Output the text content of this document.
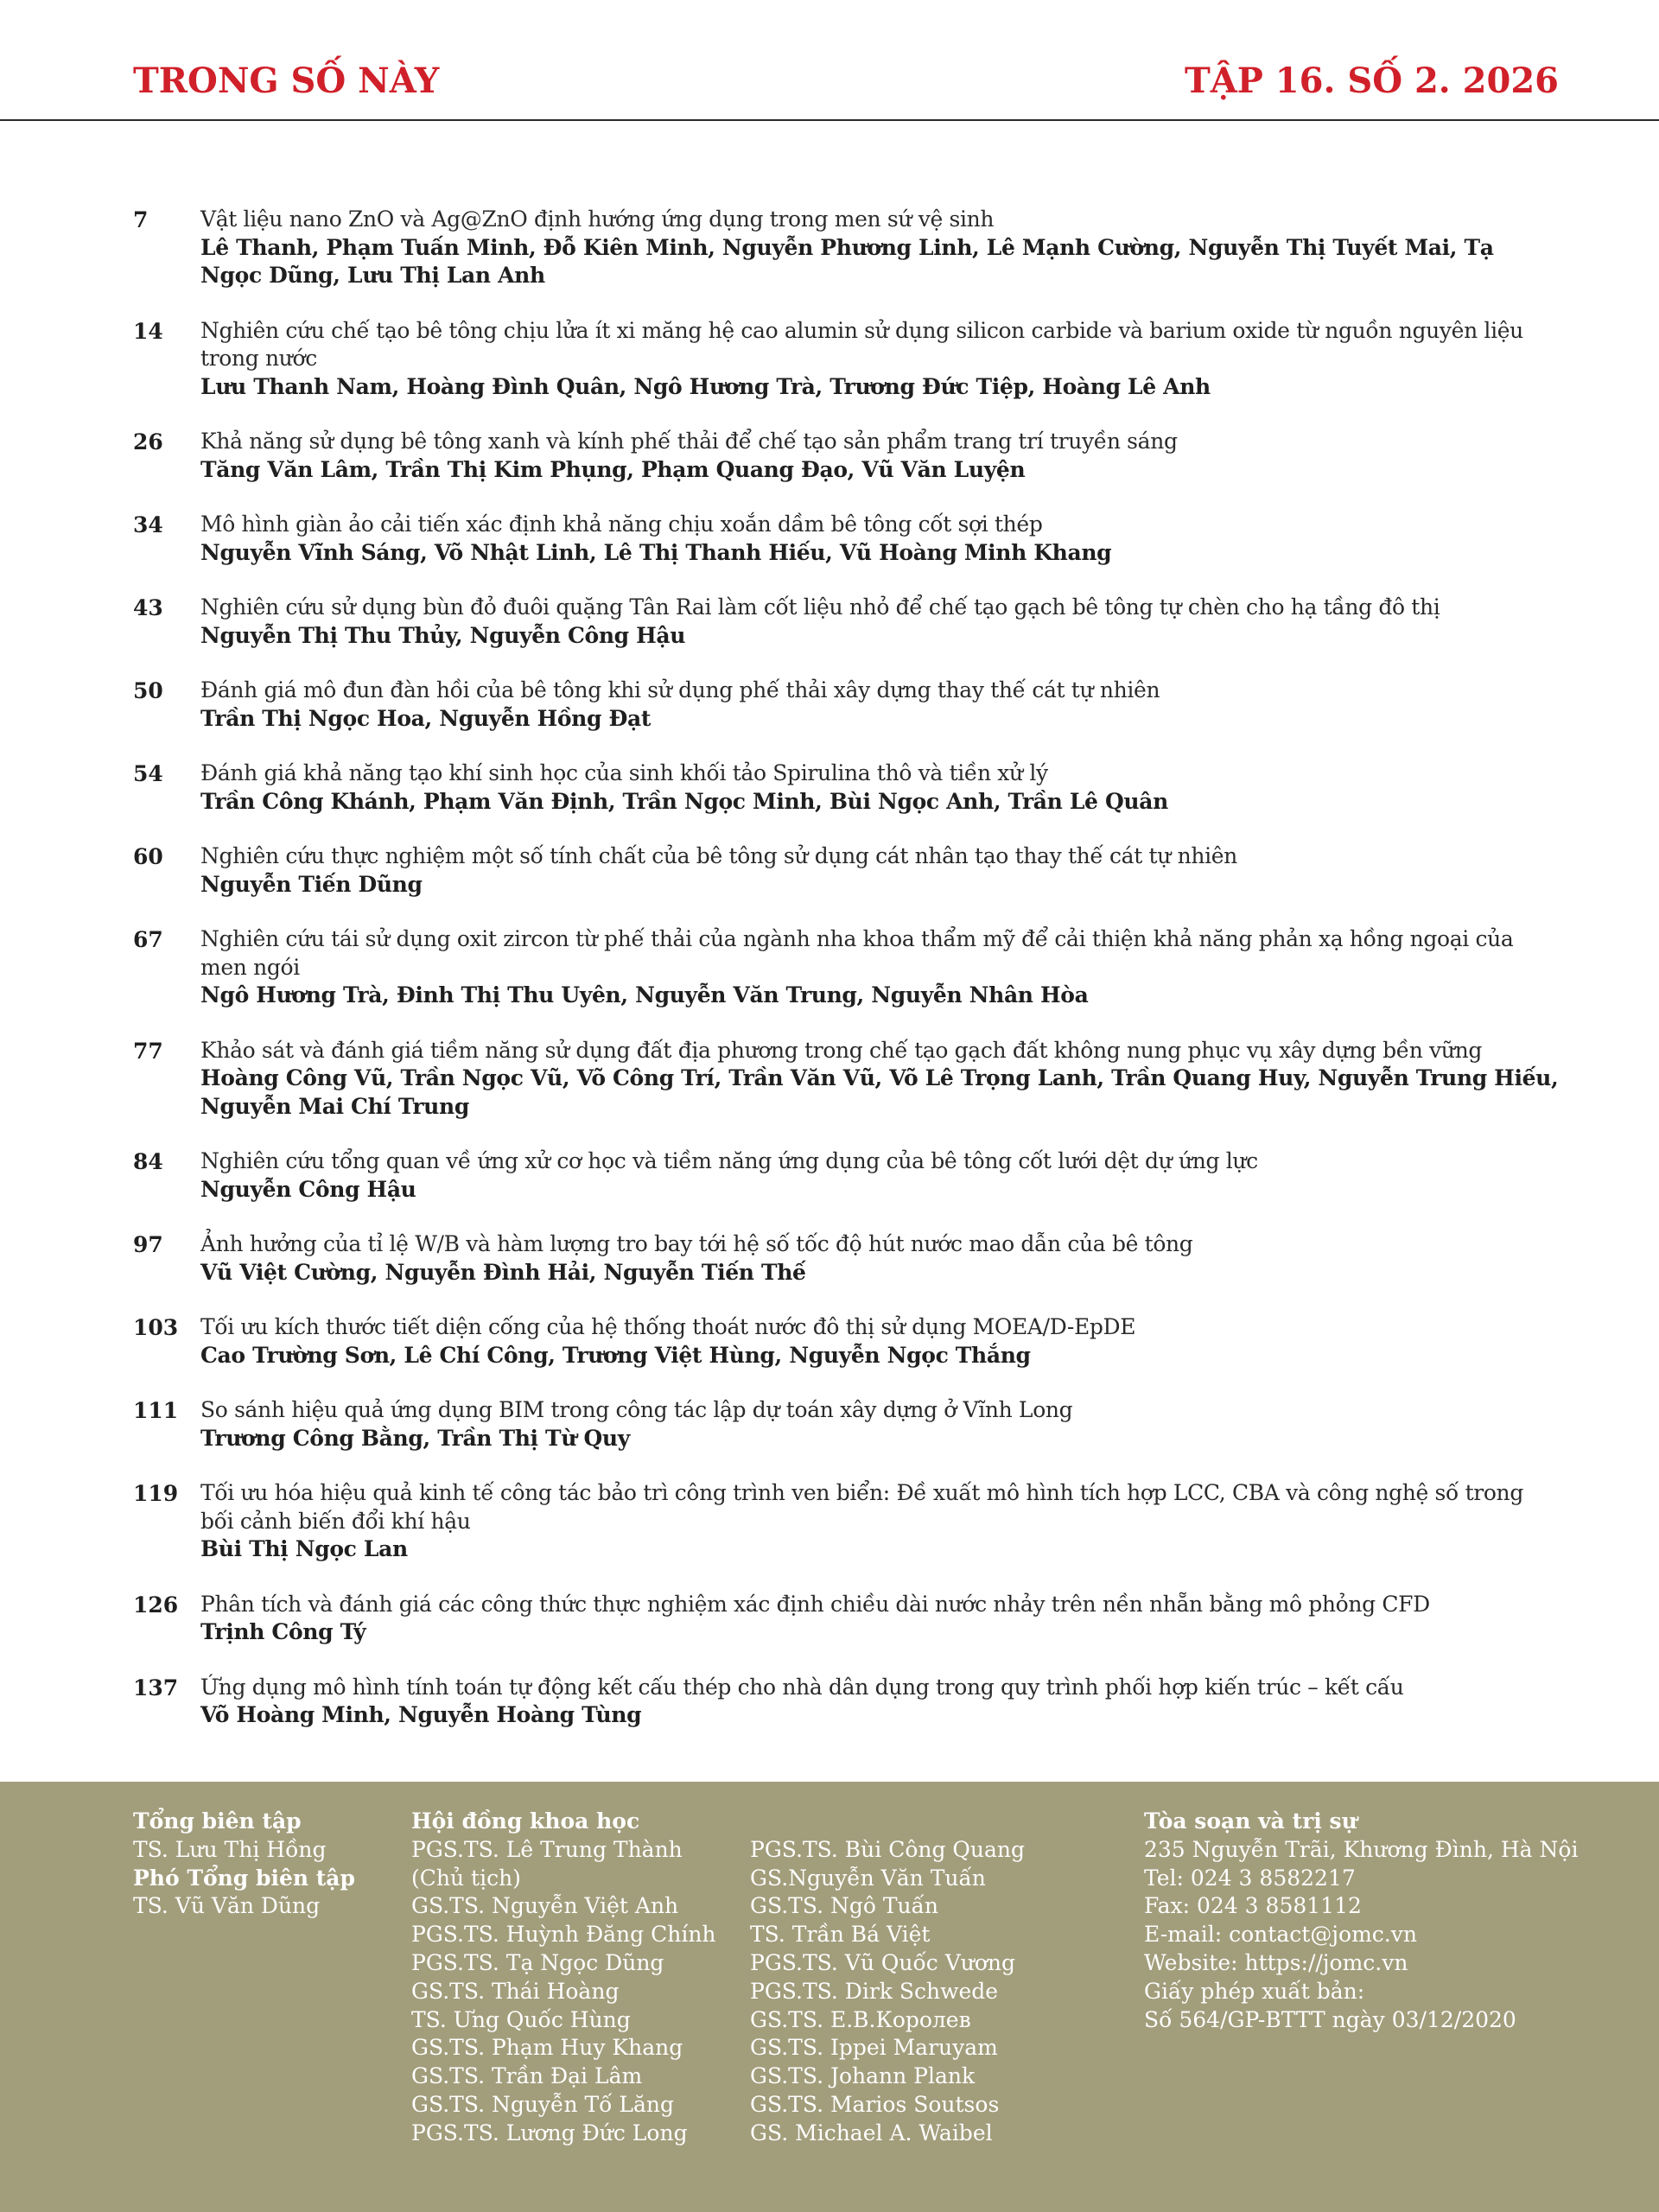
TRONG SỐ NÀY	TẬP 16. SỐ 2. 2026
7	Vật liệu nano ZnO và Ag@ZnO định hướng ứng dụng trong men sứ vệ sinh
Lê Thanh, Phạm Tuấn Minh, Đỗ Kiên Minh, Nguyễn Phương Linh, Lê Mạnh Cường, Nguyễn Thị Tuyết Mai, Tạ Ngọc Dũng, Lưu Thị Lan Anh
14	Nghiên cứu chế tạo bê tông chịu lửa ít xi măng hệ cao alumin sử dụng silicon carbide và barium oxide từ nguồn nguyên liệu trong nước
Lưu Thanh Nam, Hoàng Đình Quân, Ngô Hương Trà, Trương Đức Tiệp, Hoàng Lê Anh
26	Khả năng sử dụng bê tông xanh và kính phế thải để chế tạo sản phẩm trang trí truyền sáng
Tăng Văn Lâm, Trần Thị Kim Phụng, Phạm Quang Đạo, Vũ Văn Luyện
34	Mô hình giàn ảo cải tiến xác định khả năng chịu xoắn dầm bê tông cốt sợi thép
Nguyễn Vĩnh Sáng, Võ Nhật Linh, Lê Thị Thanh Hiếu, Vũ Hoàng Minh Khang
43	Nghiên cứu sử dụng bùn đỏ đuôi quặng Tân Rai làm cốt liệu nhỏ để chế tạo gạch bê tông tự chèn cho hạ tầng đô thị
Nguyễn Thị Thu Thủy, Nguyễn Công Hậu
50	Đánh giá mô đun đàn hồi của bê tông khi sử dụng phế thải xây dựng thay thế cát tự nhiên
Trần Thị Ngọc Hoa, Nguyễn Hồng Đạt
54	Đánh giá khả năng tạo khí sinh học của sinh khối tảo Spirulina thô và tiền xử lý
Trần Công Khánh, Phạm Văn Định, Trần Ngọc Minh, Bùi Ngọc Anh, Trần Lê Quân
60	Nghiên cứu thực nghiệm một số tính chất của bê tông sử dụng cát nhân tạo thay thế cát tự nhiên
Nguyễn Tiến Dũng
67	Nghiên cứu tái sử dụng oxit zircon từ phế thải của ngành nha khoa thẩm mỹ để cải thiện khả năng phản xạ hồng ngoại của men ngói
Ngô Hương Trà, Đinh Thị Thu Uyên, Nguyễn Văn Trung, Nguyễn Nhân Hòa
77	Khảo sát và đánh giá tiềm năng sử dụng đất địa phương trong chế tạo gạch đất không nung phục vụ xây dựng bền vững
Hoàng Công Vũ, Trần Ngọc Vũ, Võ Công Trí, Trần Văn Vũ, Võ Lê Trọng Lanh, Trần Quang Huy, Nguyễn Trung Hiếu, Nguyễn Mai Chí Trung
84	Nghiên cứu tổng quan về ứng xử cơ học và tiềm năng ứng dụng của bê tông cốt lưới dệt dự ứng lực
Nguyễn Công Hậu
97	Ảnh hưởng của tỉ lệ W/B và hàm lượng tro bay tới hệ số tốc độ hút nước mao dẫn của bê tông
Vũ Việt Cường, Nguyễn Đình Hải, Nguyễn Tiến Thế
103	Tối ưu kích thước tiết diện cống của hệ thống thoát nước đô thị sử dụng MOEA/D-EpDE
Cao Trường Sơn, Lê Chí Công, Trương Việt Hùng, Nguyễn Ngọc Thắng
111	So sánh hiệu quả ứng dụng BIM trong công tác lập dự toán xây dựng ở Vĩnh Long
Trương Công Bằng, Trần Thị Từ Quy
119	Tối ưu hóa hiệu quả kinh tế công tác bảo trì công trình ven biển: Đề xuất mô hình tích hợp LCC, CBA và công nghệ số trong bối cảnh biến đổi khí hậu
Bùi Thị Ngọc Lan
126	Phân tích và đánh giá các công thức thực nghiệm xác định chiều dài nước nhảy trên nền nhẵn bằng mô phỏng CFD
Trịnh Công Tý
137	Ứng dụng mô hình tính toán tự động kết cấu thép cho nhà dân dụng trong quy trình phối hợp kiến trúc – kết cấu
Võ Hoàng Minh, Nguyễn Hoàng Tùng
Tổng biên tập
TS. Lưu Thị Hồng
Phó Tổng biên tập
TS. Vũ Văn Dũng
Hội đồng khoa học
PGS.TS. Lê Trung Thành
(Chủ tịch)
GS.TS. Nguyễn Việt Anh
PGS.TS. Huỳnh Đăng Chính
PGS.TS. Tạ Ngọc Dũng
GS.TS. Thái Hoàng
TS. Ưng Quốc Hùng
GS.TS. Phạm Huy Khang
GS.TS. Trần Đại Lâm
GS.TS. Nguyễn Tố Lăng
PGS.TS. Lương Đức Long
PGS.TS. Bùi Công Quang
GS.Nguyễn Văn Tuấn
GS.TS. Ngô Tuấn
TS. Trần Bá Việt
PGS.TS. Vũ Quốc Vương
PGS.TS. Dirk Schwede
GS.TS. E.B.Королев
GS.TS. Ippei Maruyam
GS.TS. Johann Plank
GS.TS. Marios Soutsos
GS. Michael A. Waibel
Tòa soạn và trị sự
235 Nguyễn Trãi, Khương Đình, Hà Nội
Tel: 024 3 8582217
Fax: 024 3 8581112
E-mail: contact@jomc.vn
Website: https://jomc.vn
Giấy phép xuất bản:
Số 564/GP-BTTT ngày 03/12/2020
